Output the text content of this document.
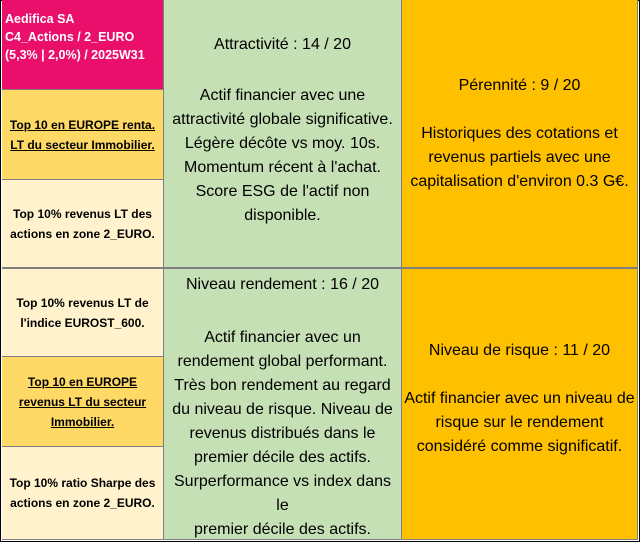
Aedifica SA
C4_Actions / 2_EURO
(5,3% | 2,0%) / 2025W31
Top 10 en EUROPE renta. LT du secteur Immobilier.
Top 10% revenus LT des actions en zone 2_EURO.
Top 10% revenus LT de l'indice EUROST_600.
Top 10 en EUROPE revenus LT du secteur Immobilier.
Top 10% ratio Sharpe des actions en zone 2_EURO.
Attractivité : 14 / 20
Actif financier avec une
attractivité globale significative.
Légère décôte vs moy. 10s.
Momentum récent à l'achat.
Score ESG de l'actif non
disponible.
Pérennité : 9 / 20
Historiques des cotations et
revenus partiels avec une
capitalisation d'environ 0.3 G€.
Niveau rendement : 16 / 20
Actif financier avec un
rendement global performant.
Très bon rendement au regard
du niveau de risque. Niveau de
revenus distribués dans le
premier décile des actifs.
Surperformance vs index dans le
premier décile des actifs.
Niveau de risque : 11 / 20
Actif financier avec un niveau de
risque sur le rendement
considéré comme significatif.
